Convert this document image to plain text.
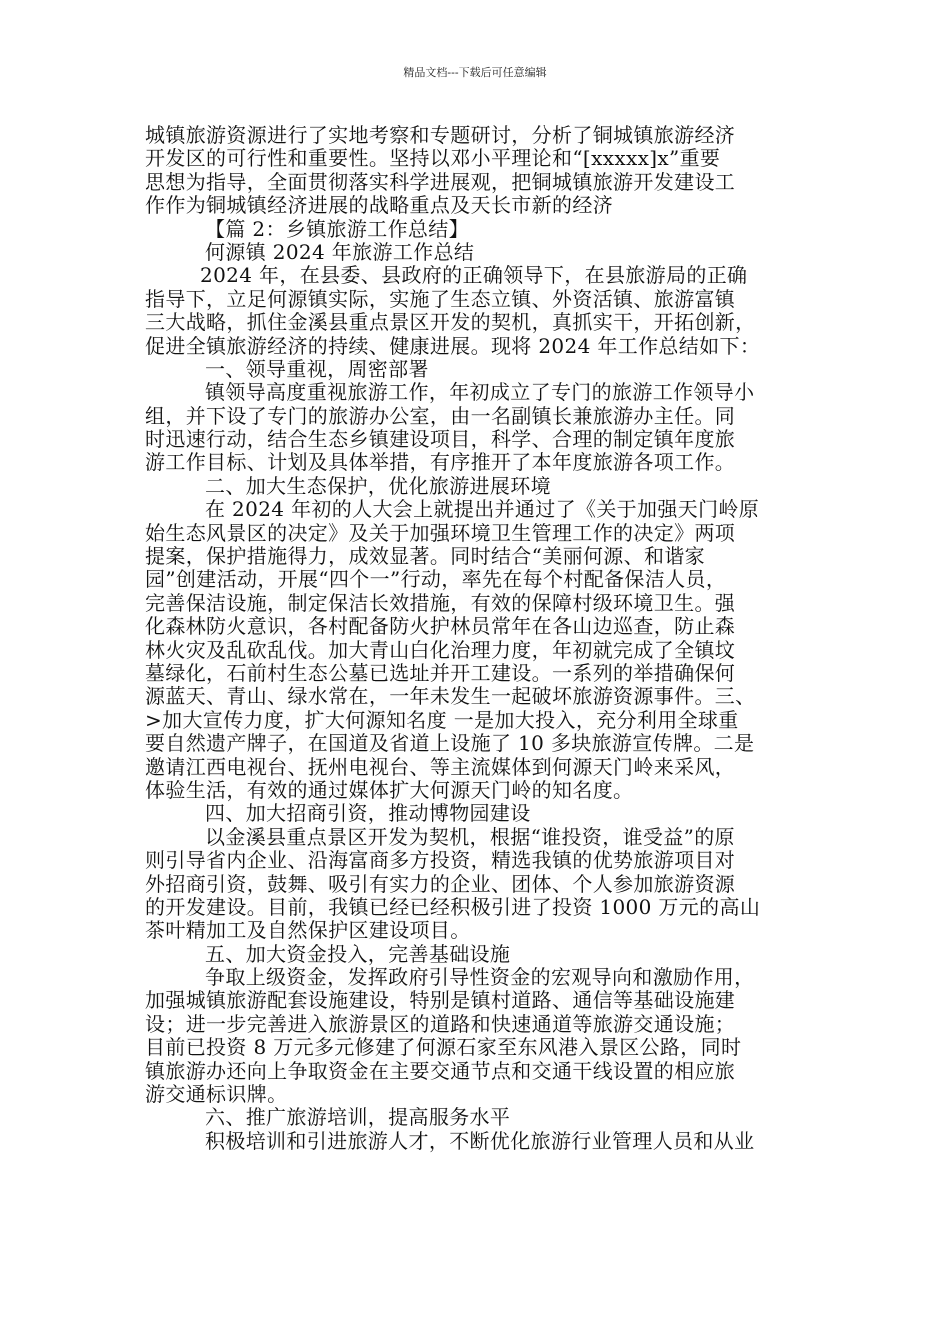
精品文档---下载后可任意编辑
城镇旅游资源进行了实地考察和专题研讨，分析了铜城镇旅游经济
开发区的可行性和重要性。坚持以邓小平理论和“[xxxxx]x”重要
思想为指导，全面贯彻落实科学进展观，把铜城镇旅游开发建设工
作作为铜城镇经济进展的战略重点及天长市新的经济
【篇 2：乡镇旅游工作总结】
何源镇 2024 年旅游工作总结
2024 年，在县委、县政府的正确领导下，在县旅游局的正确
指导下，立足何源镇实际，实施了生态立镇、外资活镇、旅游富镇
三大战略，抓住金溪县重点景区开发的契机，真抓实干，开拓创新，
促进全镇旅游经济的持续、健康进展。现将 2024 年工作总结如下：
一、领导重视，周密部署
镇领导高度重视旅游工作，年初成立了专门的旅游工作领导小
组，并下设了专门的旅游办公室，由一名副镇长兼旅游办主任。同
时迅速行动，结合生态乡镇建设项目，科学、合理的制定镇年度旅
游工作目标、计划及具体举措，有序推开了本年度旅游各项工作。
二、加大生态保护，优化旅游进展环境
在 2024 年初的人大会上就提出并通过了《关于加强天门岭原
始生态风景区的决定》及关于加强环境卫生管理工作的决定》两项
提案，保护措施得力，成效显著。同时结合“美丽何源、和谐家
园”创建活动，开展“四个一”行动，率先在每个村配备保洁人员，
完善保洁设施，制定保洁长效措施，有效的保障村级环境卫生。强
化森林防火意识，各村配备防火护林员常年在各山边巡查，防止森
林火灾及乱砍乱伐。加大青山白化治理力度，年初就完成了全镇坟
墓绿化，石前村生态公墓已选址并开工建设。一系列的举措确保何
源蓝天、青山、绿水常在，一年未发生一起破坏旅游资源事件。三、
>加大宣传力度，扩大何源知名度 一是加大投入，充分利用全球重
要自然遗产牌子，在国道及省道上设施了 10 多块旅游宣传牌。二是
邀请江西电视台、抚州电视台、等主流媒体到何源天门岭来采风，
体验生活，有效的通过媒体扩大何源天门岭的知名度。
四、加大招商引资，推动博物园建设
以金溪县重点景区开发为契机，根据“谁投资，谁受益”的原
则引导省内企业、沿海富商多方投资，精选我镇的优势旅游项目对
外招商引资，鼓舞、吸引有实力的企业、团体、个人参加旅游资源
的开发建设。目前，我镇已经已经积极引进了投资 1000 万元的高山
茶叶精加工及自然保护区建设项目。
五、加大资金投入，完善基础设施
争取上级资金，发挥政府引导性资金的宏观导向和激励作用，
加强城镇旅游配套设施建设，特别是镇村道路、通信等基础设施建
设；进一步完善进入旅游景区的道路和快速通道等旅游交通设施；
目前已投资 8 万元多元修建了何源石家至东风港入景区公路，同时
镇旅游办还向上争取资金在主要交通节点和交通干线设置的相应旅
游交通标识牌。
六、推广旅游培训，提高服务水平
积极培训和引进旅游人才，不断优化旅游行业管理人员和从业
